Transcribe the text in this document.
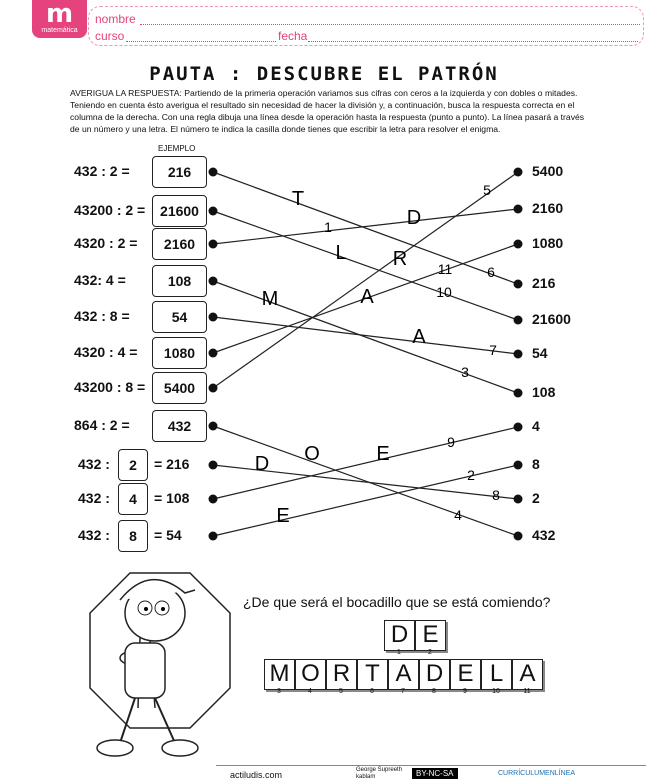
m
matemática
nombre
curso	fecha
PAUTA : DESCUBRE EL PATRÓN
AVERIGUA LA RESPUESTA: Partiendo de la primeria operación variamos sus cifras con ceros a la izquierda y con dobles o mitades. Teniendo en cuenta ésto averigua el resultado sin necesidad de hacer la división y, a continuación, busca la respuesta correcta en el columna de la derecha. Con una regla dibuja una línea desde la operación hasta la respuesta (punto a punto). La línea pasará a través de un número y una letra. El número te indica la casilla donde tienes que escribir la letra para resolver el enigma.
EJEMPLO
T
D
L R
M	A
A
D O	E
E
5
1
11 6
10
7
3
9
2
8
4
432 : 2 =	216
43200 : 2 =	21600
4320 : 2 =	2160
432: 4 =	108
432 : 8 =	54
4320 : 4 =	1080
43200 : 8 =	5400
864 : 2 =	432
432 :	2	= 216
432 :	4	= 108
432 :	8	= 54
5400
2160
1080
216
21600
54
108
4
8
2
432
¿De que será el bocadillo que se está comiendo?
D
1
E
2
M
3
O
4
R
5
T
6
A
7
D
8
E
9
L
10
A
11
actiludis.com	George Supreeth
kablam	BY-NC-SA	CURRÍCULUMENLÍNEA
